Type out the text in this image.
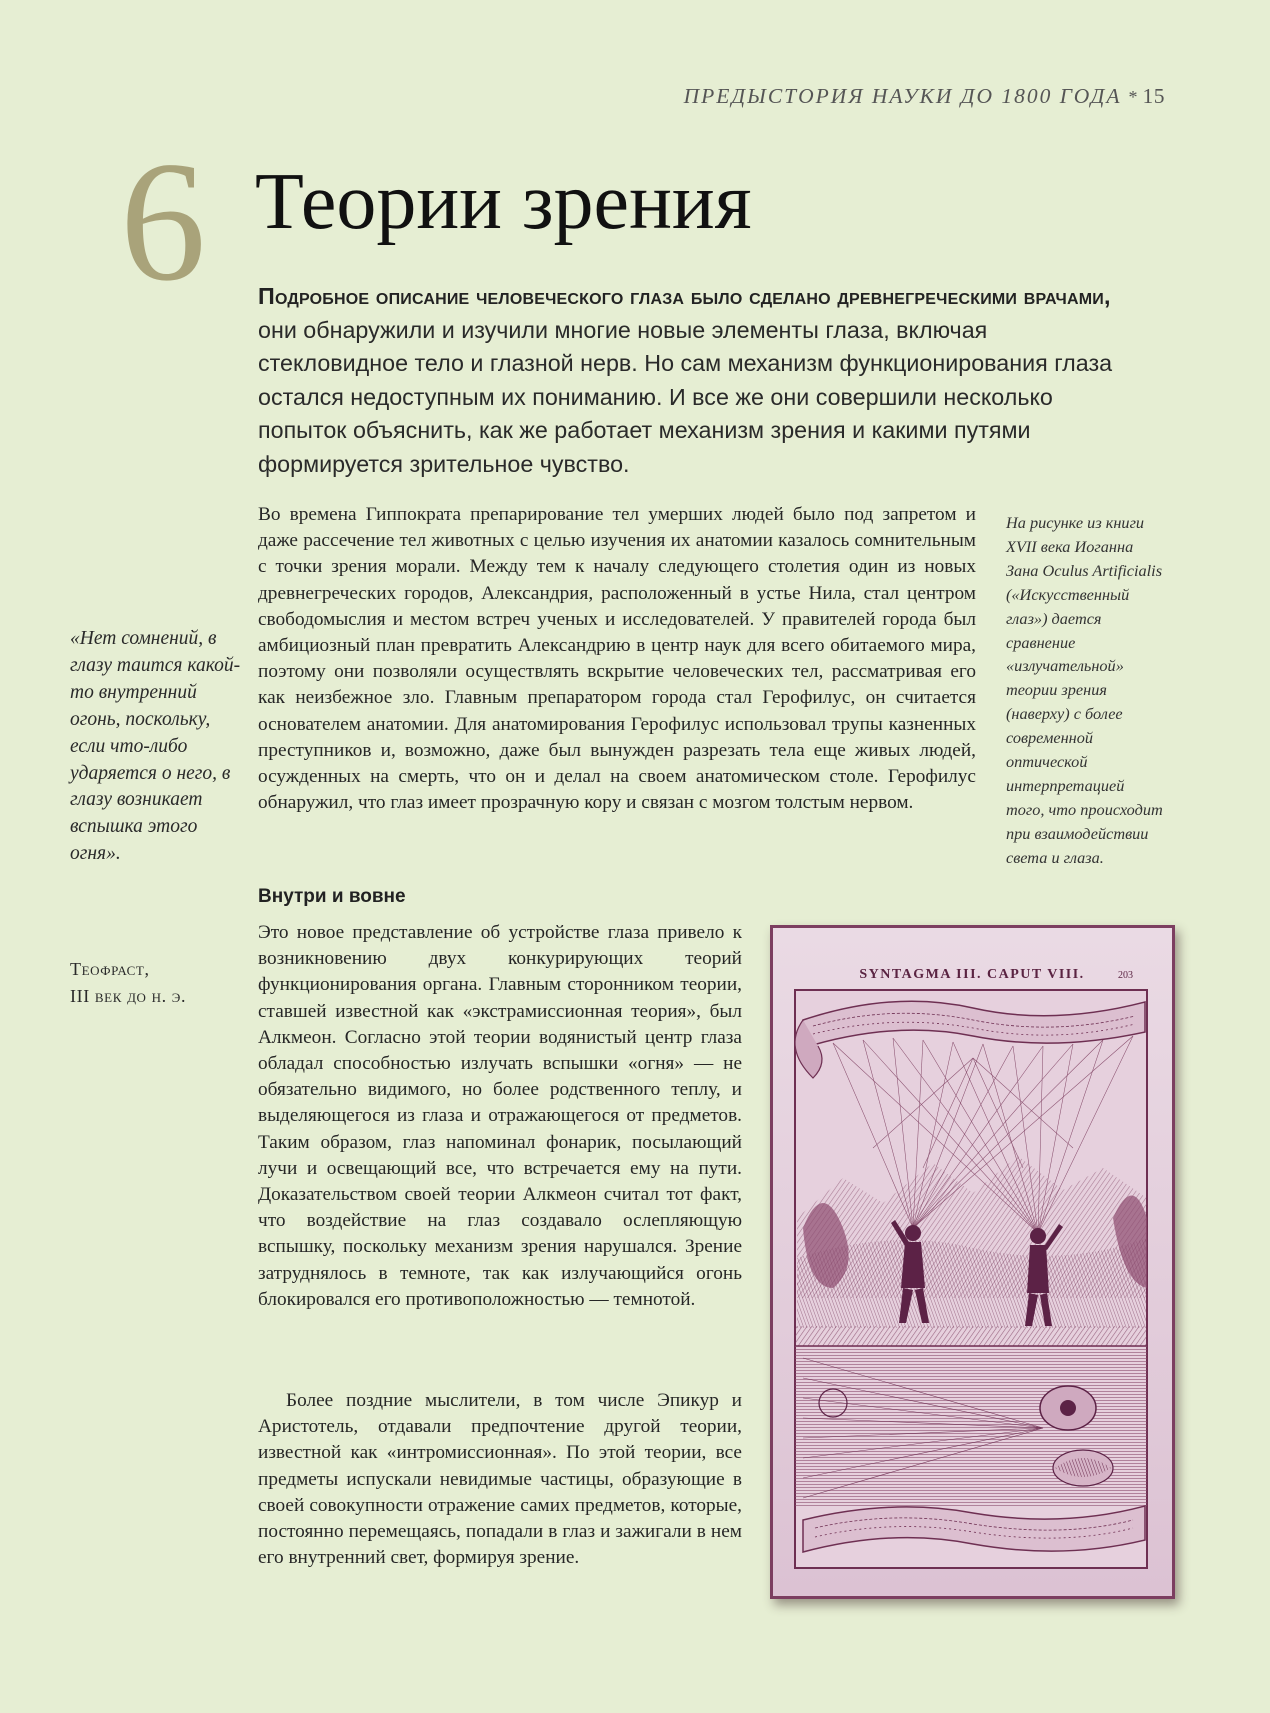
ПРЕДЫСТОРИЯ НАУКИ ДО 1800 ГОДА * 15
6 Теории зрения
Подробное описание человеческого глаза было сделано древнегреческими врачами, они обнаружили и изучили многие новые элементы глаза, включая стекловидное тело и глазной нерв. Но сам механизм функционирования глаза остался недоступным их пониманию. И все же они совершили несколько попыток объяснить, как же работает механизм зрения и какими путями формируется зрительное чувство.
Во времена Гиппократа препарирование тел умерших людей было под запретом и даже рассечение тел животных с целью изучения их анатомии казалось сомнительным с точки зрения морали. Между тем к началу следующего столетия один из новых древнегреческих городов, Александрия, расположенный в устье Нила, стал центром свободомыслия и местом встреч ученых и исследователей. У правителей города был амбициозный план превратить Александрию в центр наук для всего обитаемого мира, поэтому они позволяли осуществлять вскрытие человеческих тел, рассматривая его как неизбежное зло. Главным препаратором города стал Герофилус, он считается основателем анатомии. Для анатомирования Герофилус использовал трупы казненных преступников и, возможно, даже был вынужден разрезать тела еще живых людей, осужденных на смерть, что он и делал на своем анатомическом столе. Герофилус обнаружил, что глаз имеет прозрачную кору и связан с мозгом толстым нервом.
На рисунке из книги XVII века Иоганна Зана Oculus Artificialis («Искусственный глаз») дается сравнение «излучательной» теории зрения (наверху) с более современной оптической интерпретацией того, что происходит при взаимодействии света и глаза.
«Нет сомнений, в глазу таится какой-то внутренний огонь, поскольку, если что-либо ударяется о него, в глазу возникает вспышка этого огня».
Теофраст,
III век до н. э.
Внутри и вовне
Это новое представление об устройстве глаза привело к возникновению двух конкурирующих теорий функционирования органа. Главным сторонником теории, ставшей известной как «экстрамиссионная теория», был Алкмеон. Согласно этой теории водянистый центр глаза обладал способностью излучать вспышки «огня» — не обязательно видимого, но более родственного теплу, и выделяющегося из глаза и отражающегося от предметов. Таким образом, глаз напоминал фонарик, посылающий лучи и освещающий все, что встречается ему на пути. Доказательством своей теории Алкмеон считал тот факт, что воздействие на глаз создавало ослепляющую вспышку, поскольку механизм зрения нарушался. Зрение затруднялось в темноте, так как излучающийся огонь блокировался его противоположностью — темнотой.
Более поздние мыслители, в том числе Эпикур и Аристотель, отдавали предпочтение другой теории, известной как «интромиссионная». По этой теории, все предметы испускали невидимые частицы, образующие в своей совокупности отражение самих предметов, которые, постоянно перемещаясь, попадали в глаз и зажигали в нем его внутренний свет, формируя зрение.
SYNTAGMA III. CAPUT VIII.	203
